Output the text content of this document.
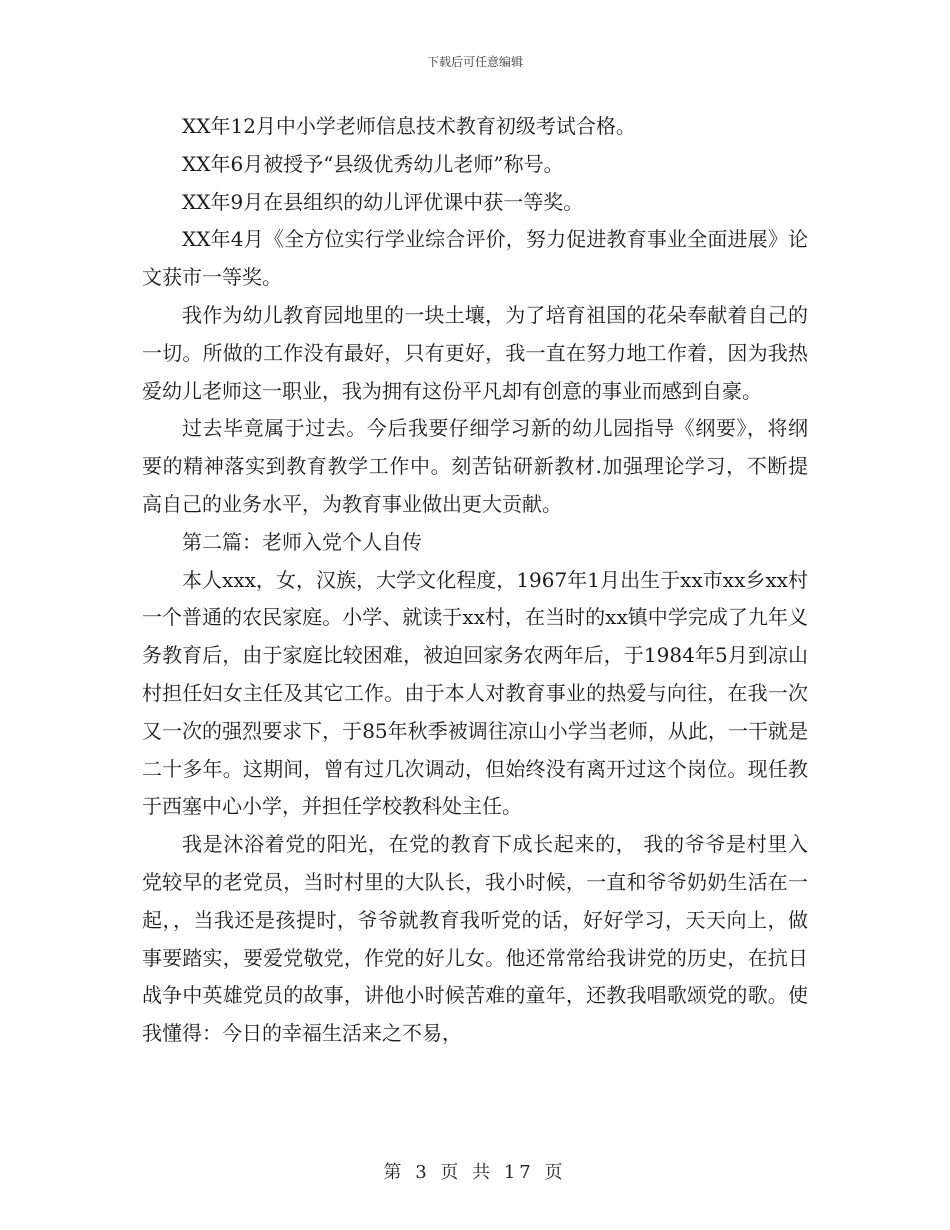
下载后可任意编辑

XX年12月中小学老师信息技术教育初级考试合格。

XX年6月被授予“县级优秀幼儿老师”称号。

XX年9月在县组织的幼儿评优课中获一等奖。

XX年4月《全方位实行学业综合评价，努力促进教育事业全面进展》论文获市一等奖。

我作为幼儿教育园地里的一块土壤，为了培育祖国的花朵奉献着自己的一切。所做的工作没有最好，只有更好，我一直在努力地工作着，因为我热爱幼儿老师这一职业，我为拥有这份平凡却有创意的事业而感到自豪。

过去毕竟属于过去。今后我要仔细学习新的幼儿园指导《纲要》，将纲要的精神落实到教育教学工作中。刻苦钻研新教材.加强理论学习，不断提高自己的业务水平，为教育事业做出更大贡献。

第二篇：老师入党个人自传

本人xxx，女，汉族，大学文化程度，1967年1月出生于xx市xx乡xx村一个普通的农民家庭。小学、就读于xx村，在当时的xx镇中学完成了九年义务教育后，由于家庭比较困难，被迫回家务农两年后，于1984年5月到凉山村担任妇女主任及其它工作。由于本人对教育事业的热爱与向往，在我一次又一次的强烈要求下，于85年秋季被调往凉山小学当老师，从此，一干就是二十多年。这期间，曾有过几次调动，但始终没有离开过这个岗位。现任教于西塞中心小学，并担任学校教科处主任。

我是沐浴着党的阳光，在党的教育下成长起来的， 我的爷爷是村里入党较早的老党员，当时村里的大队长，我小时候，一直和爷爷奶奶生活在一起，，当我还是孩提时，爷爷就教育我听党的话，好好学习，天天向上，做事要踏实，要爱党敬党，作党的好儿女。他还常常给我讲党的历史，在抗日战争中英雄党员的故事，讲他小时候苦难的童年，还教我唱歌颂党的歌。使我懂得：今日的幸福生活来之不易，

第 3 页 共 17 页
